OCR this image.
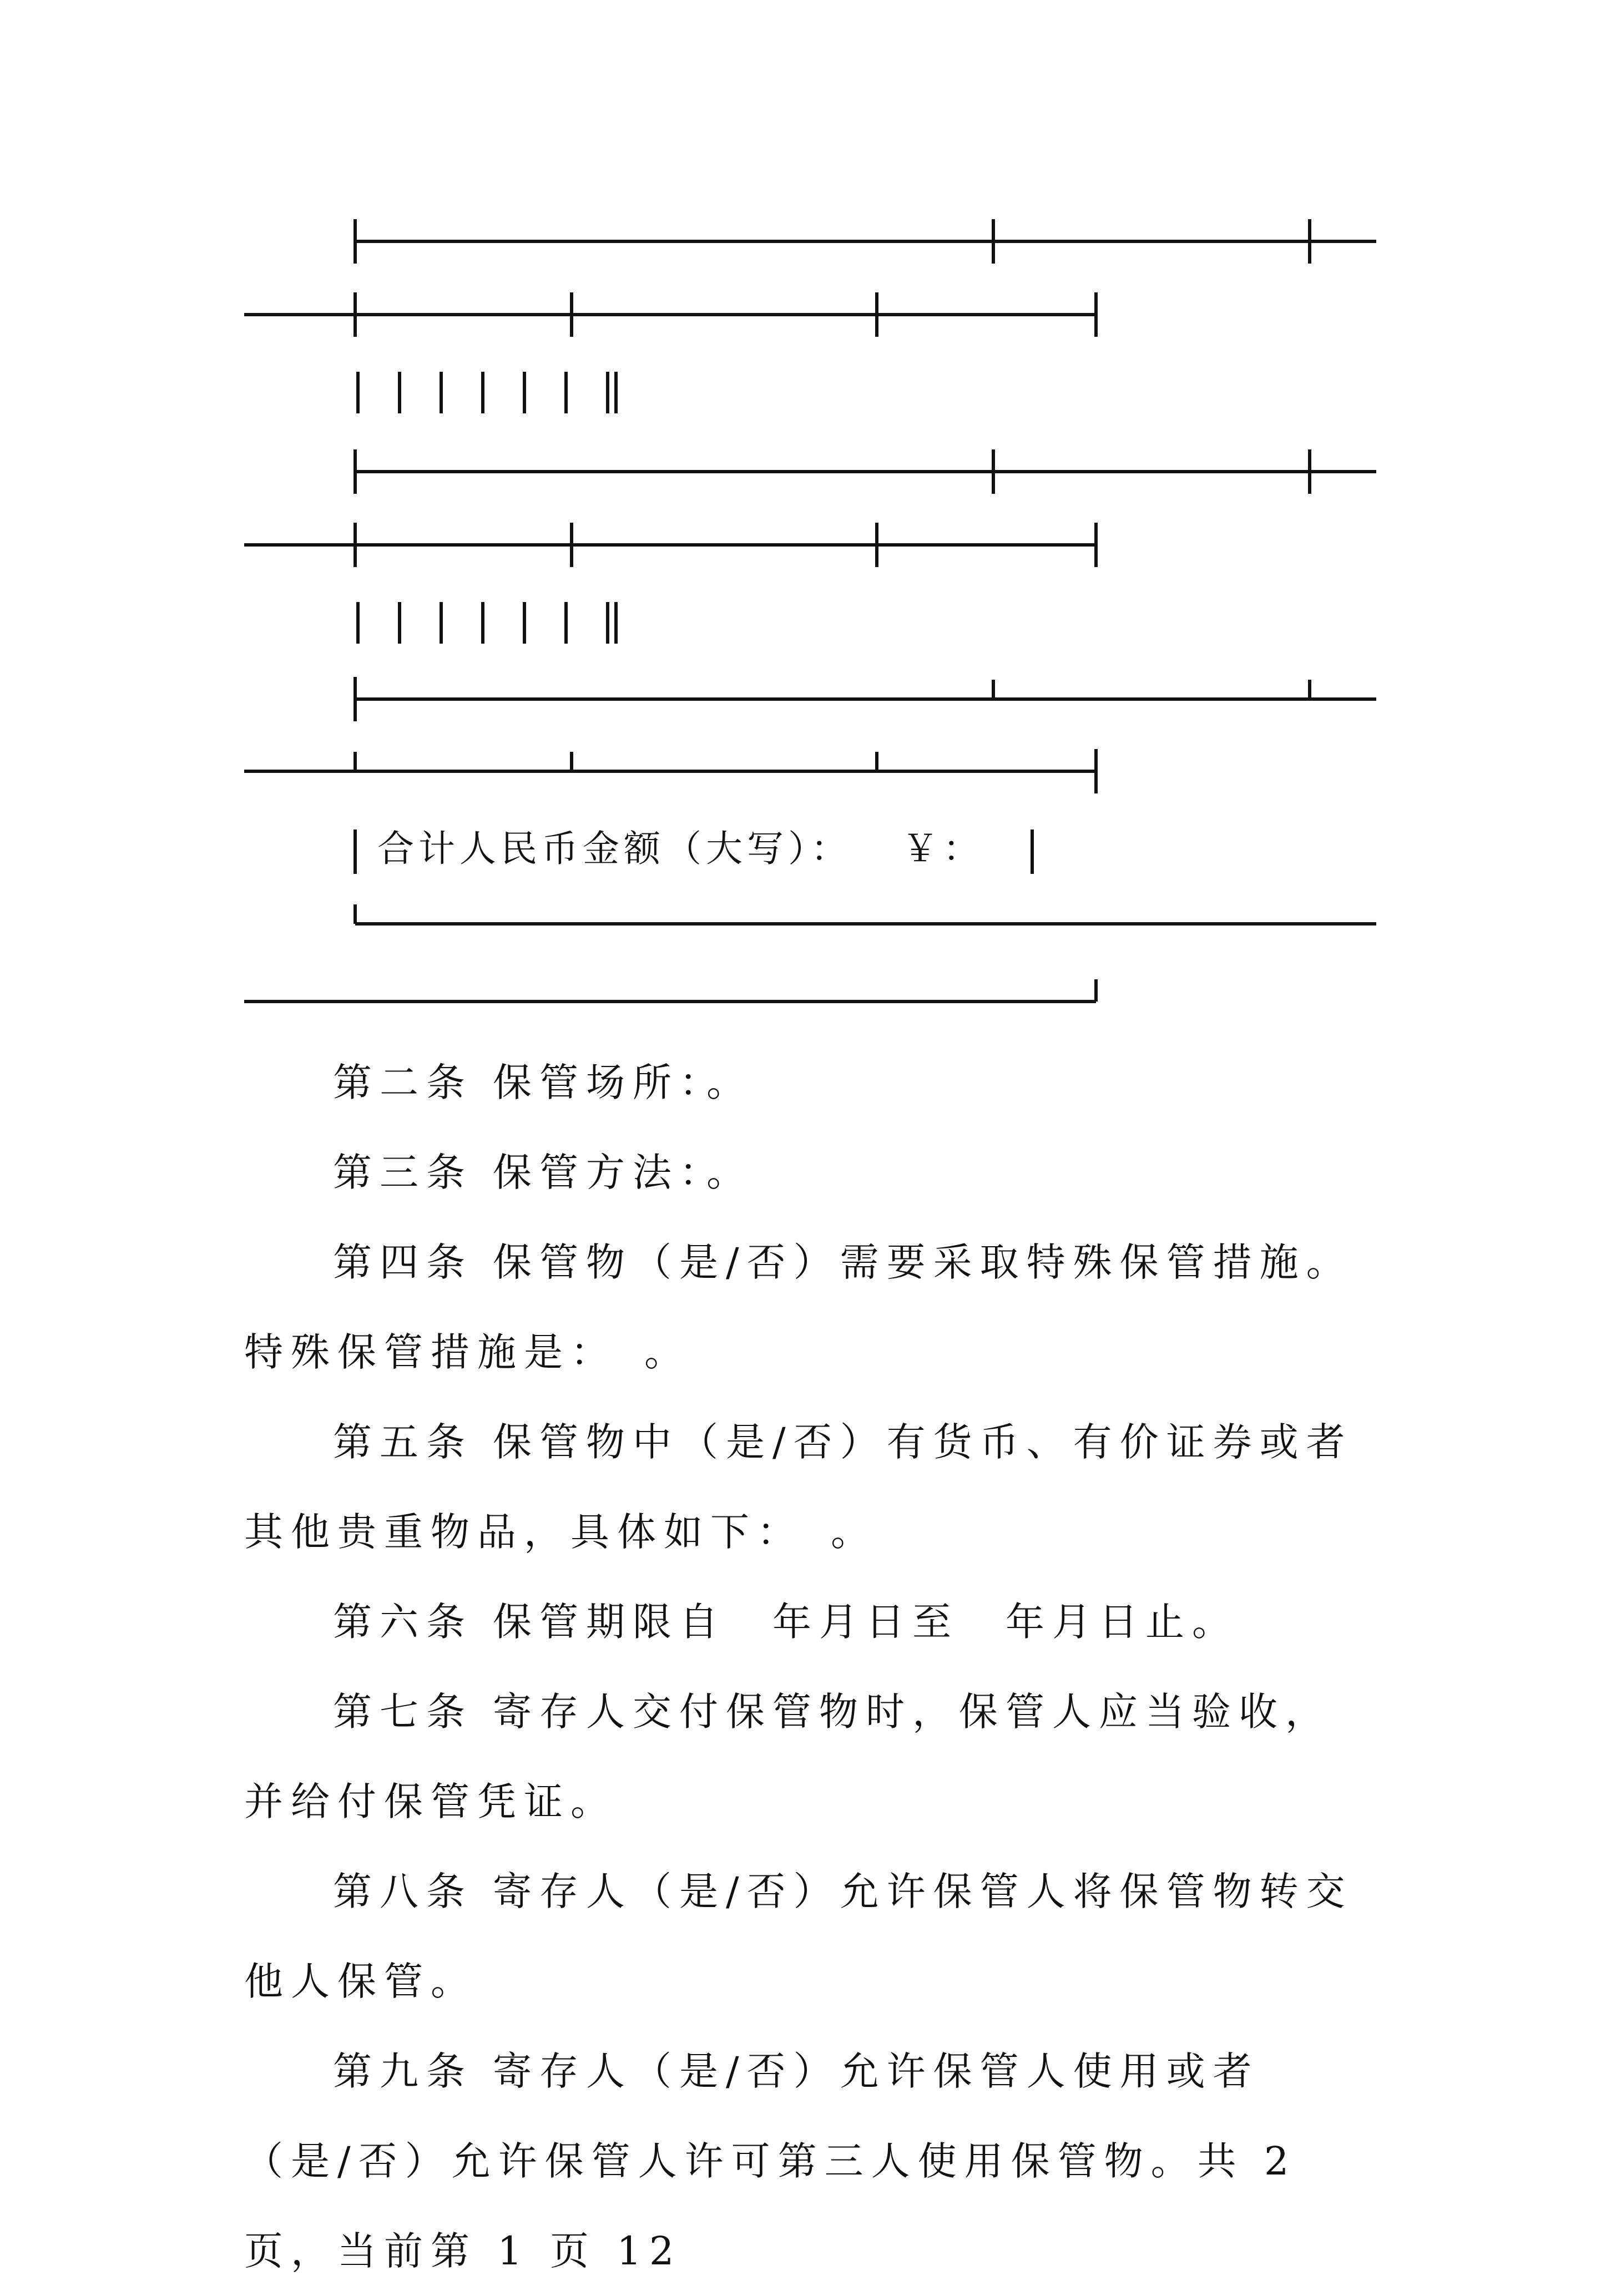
合计人民币金额（大写）： ￥：

第二条 保管场所：。

第三条 保管方法：。

第四条 保管物（是/否）需要采取特殊保管措施。特殊保管措施是：　。

第五条 保管物中（是/否）有货币、有价证券或者其他贵重物品，具体如下：　。

第六条 保管期限自　年月日至　年月日止。

第七条 寄存人交付保管物时，保管人应当验收，并给付保管凭证。

第八条 寄存人（是/否）允许保管人将保管物转交他人保管。

第九条 寄存人（是/否）允许保管人使用或者（是/否）允许保管人许可第三人使用保管物。共 2 页，当前第 1 页 12
